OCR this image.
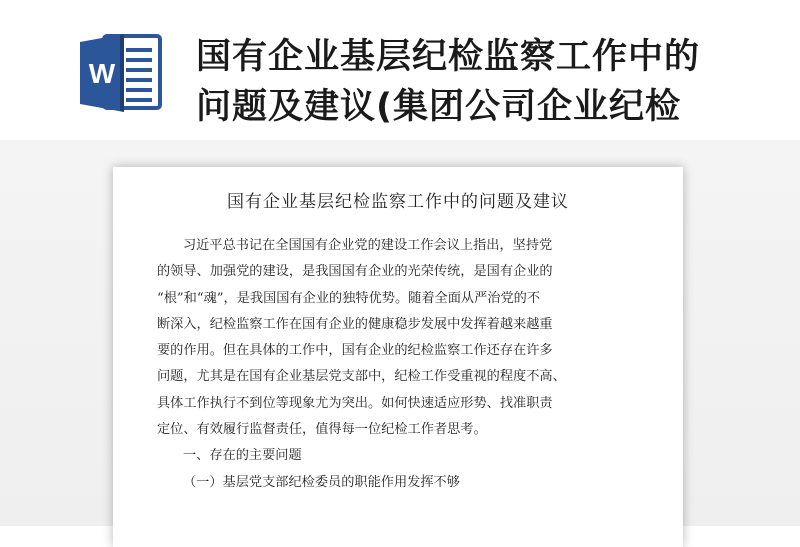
W 国有企业基层纪检监察工作中的
问题及建议(集团公司企业纪检
国有企业基层纪检监察工作中的问题及建议
习近平总书记在全国国有企业党的建设工作会议上指出，坚持党
的领导、加强党的建设，是我国国有企业的光荣传统，是国有企业的
“根”和“魂”，是我国国有企业的独特优势。随着全面从严治党的不
断深入，纪检监察工作在国有企业的健康稳步发展中发挥着越来越重
要的作用。但在具体的工作中，国有企业的纪检监察工作还存在许多
问题，尤其是在国有企业基层党支部中，纪检工作受重视的程度不高、
具体工作执行不到位等现象尤为突出。如何快速适应形势、找准职责
定位、有效履行监督责任，值得每一位纪检工作者思考。
一、存在的主要问题
（一）基层党支部纪检委员的职能作用发挥不够
